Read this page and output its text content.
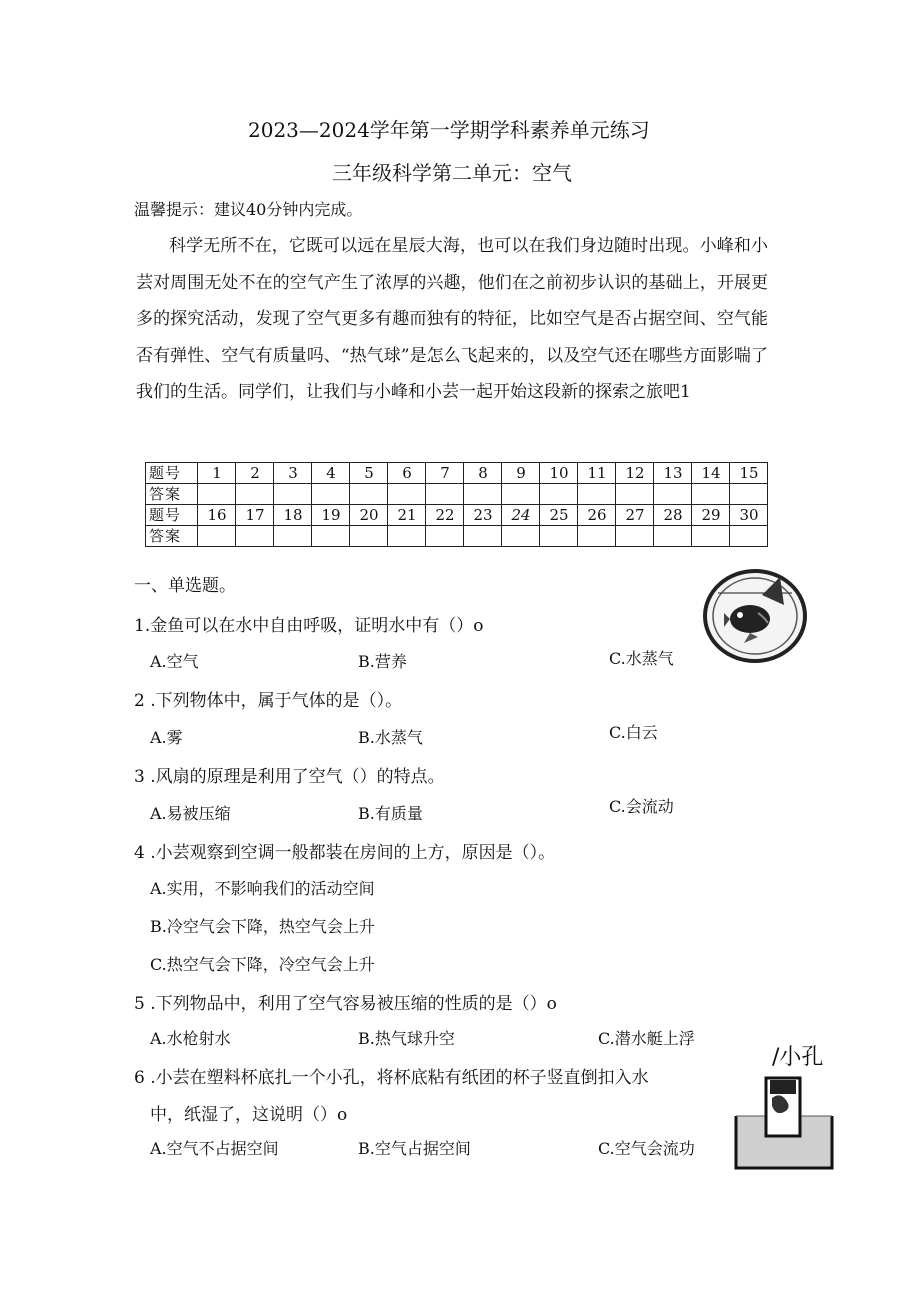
2023—2024学年第一学期学科素养单元练习
三年级科学第二单元：空气
温馨提示：建议40分钟内完成。
科学无所不在，它既可以远在星辰大海，也可以在我们身边随时出现。小峰和小芸对周围无处不在的空气产生了浓厚的兴趣，他们在之前初步认识的基础上，开展更多的探究活动，发现了空气更多有趣而独有的特征，比如空气是否占据空间、空气能否有弹性、空气有质量吗、“热气球”是怎么飞起来的，以及空气还在哪些方面影喘了我们的生活。同学们，让我们与小峰和小芸一起开始这段新的探索之旅吧1
题号	1	2	3	4	5	6	7	8	9	10	11	12	13	14	15
答案															
题号	16	17	18	19	20	21	22	23	24	25	26	27	28	29	30
答案															
一、单选题。
1.金鱼可以在水中自由呼吸，证明水中有（）o
A.空气	B.营养	C.水蒸气
2 .下列物体中，属于气体的是（）。
A.雾	B.水蒸气	C.白云
3 .风扇的原理是利用了空气（）的特点。
A.易被压缩	B.有质量	C.会流动
4 .小芸观察到空调一般都装在房间的上方，原因是（）。
A.实用，不影响我们的活动空间
B.冷空气会下降，热空气会上升
C.热空气会下降，冷空气会上升
5 .下列物品中，利用了空气容易被压缩的性质的是（）o
A.水枪射水	B.热气球升空	C.潜水艇上浮
6 .小芸在塑料杯底扎一个小孔，将杯底粘有纸团的杯子竖直倒扣入水
中，纸湿了，这说明（）o
A.空气不占据空间	B.空气占据空间	C.空气会流功
/小孔
